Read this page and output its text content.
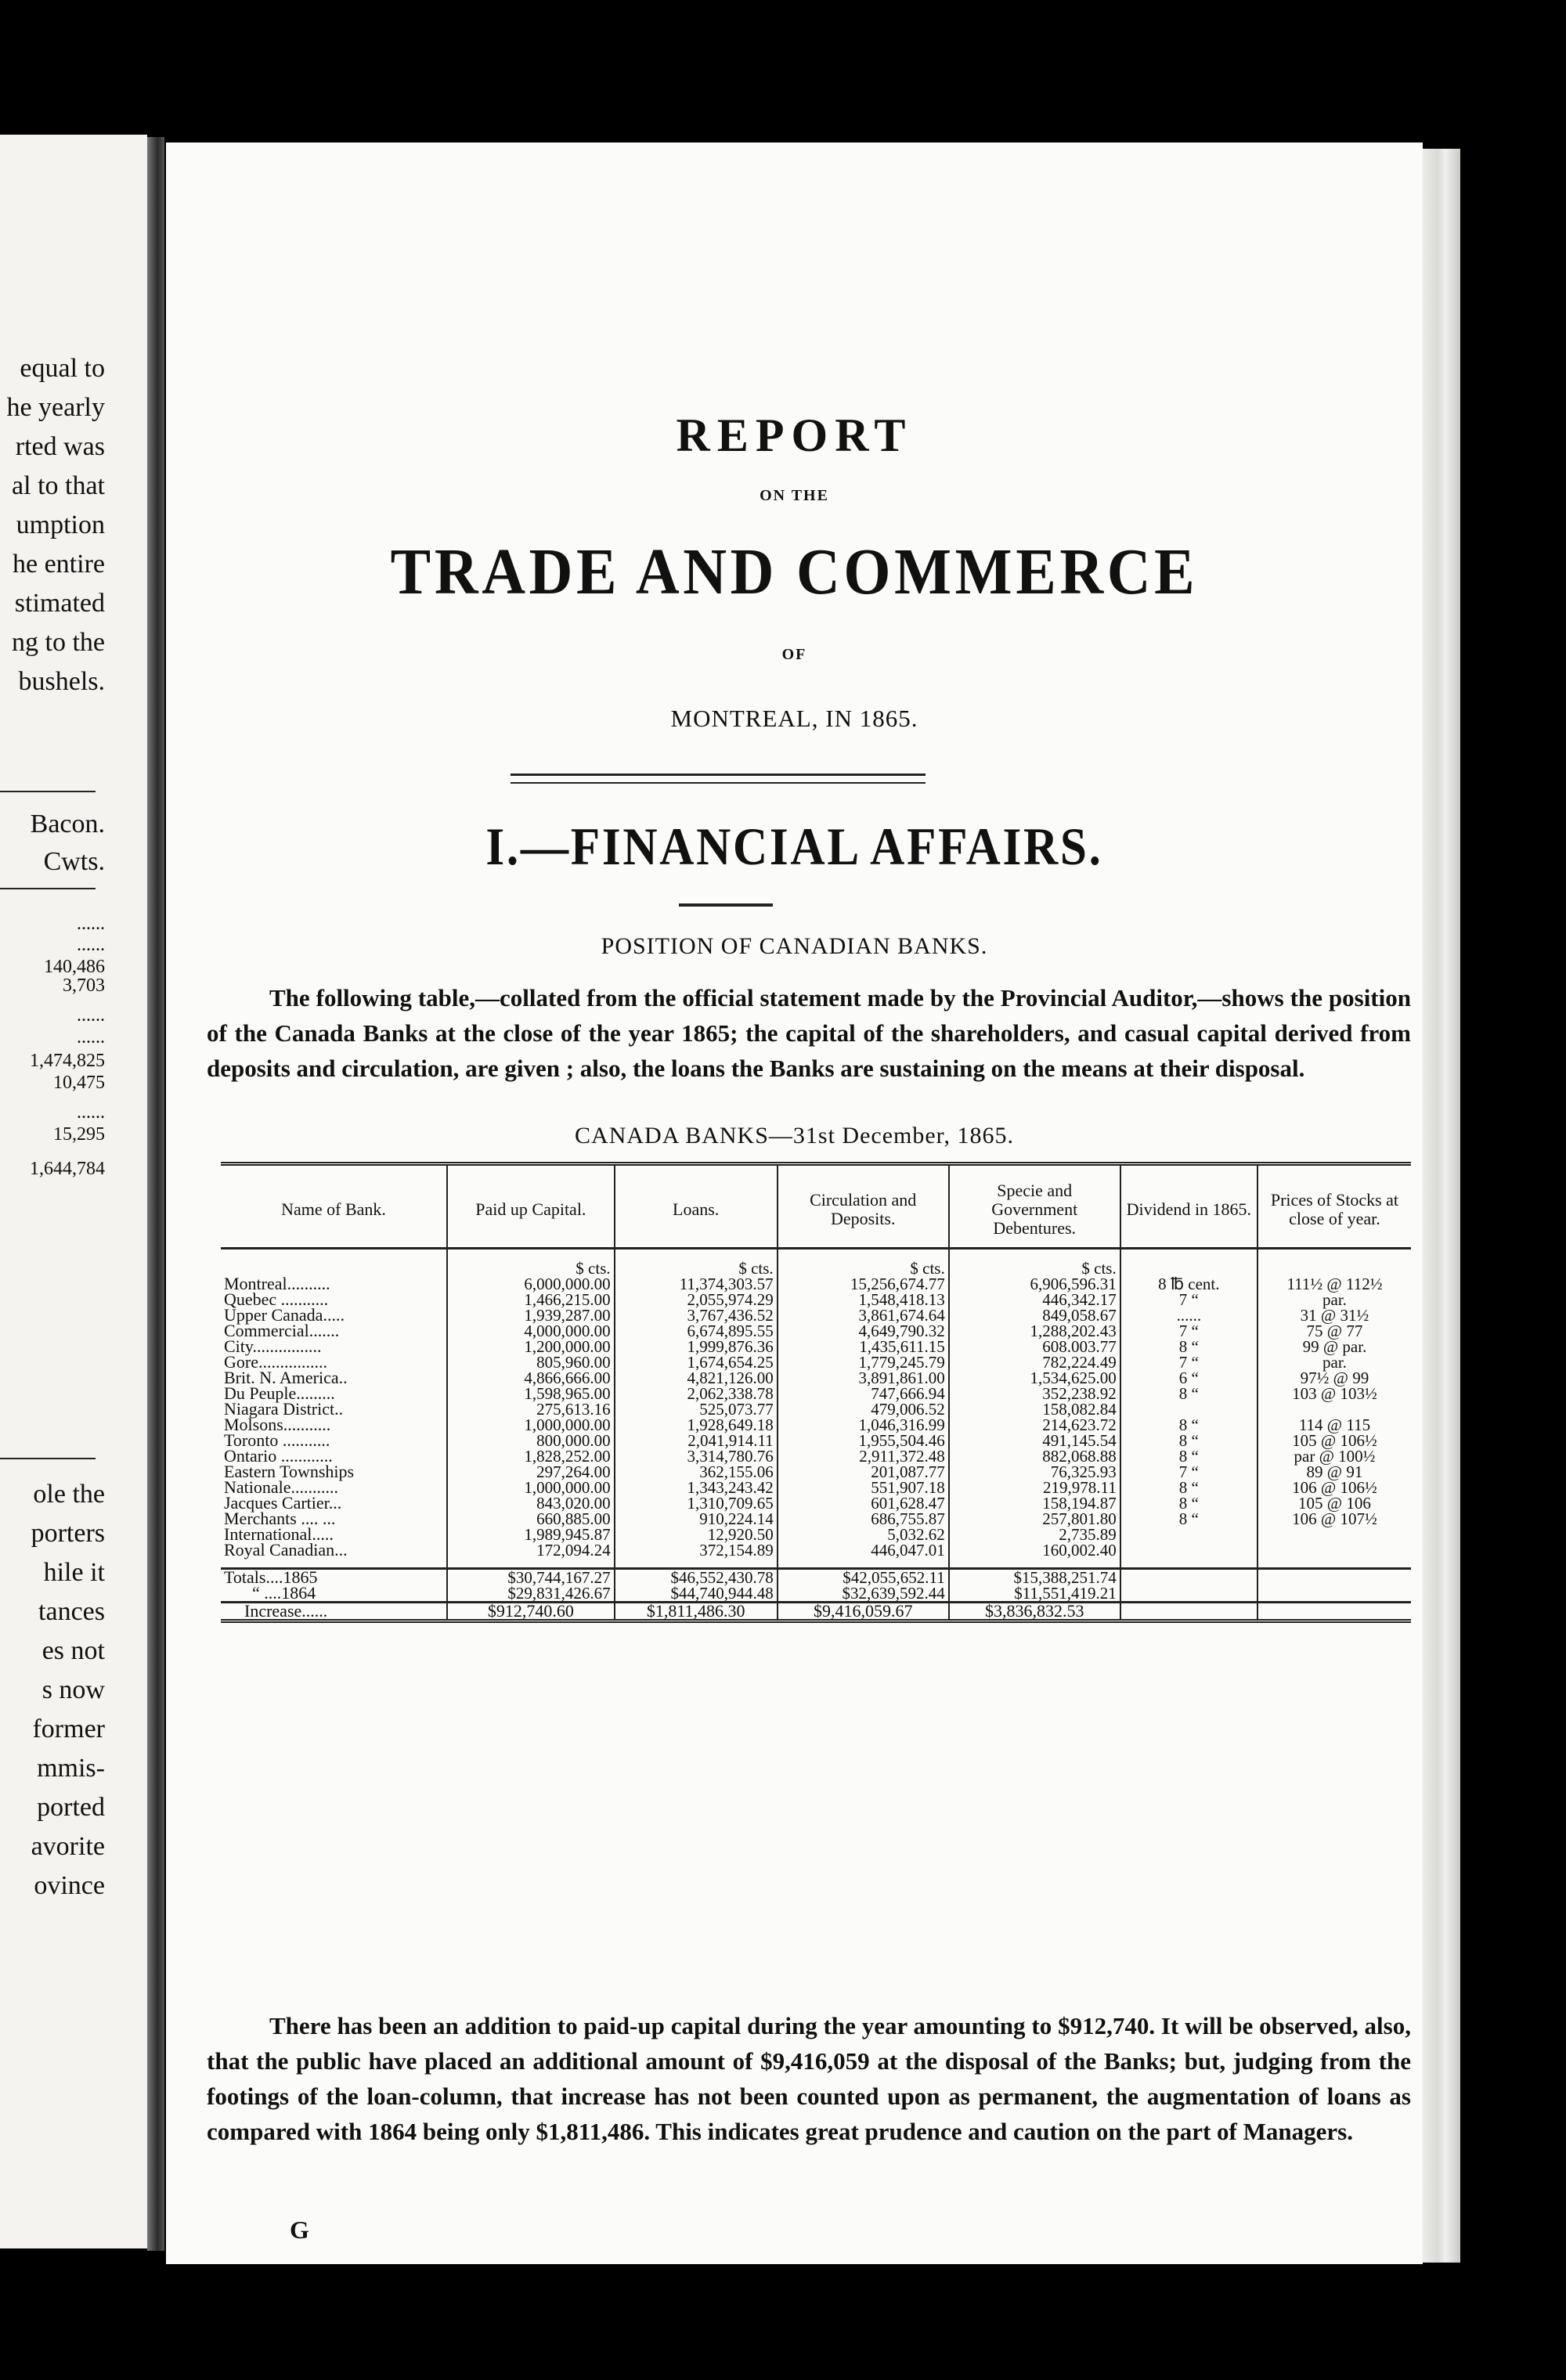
equal to
he yearly
rted was
al to that
umption
he entire
stimated
ng to the
bushels.
Bacon.
Cwts.
......
......
140,486
3,703
......
......
1,474,825
10,475
......
15,295
1,644,784
ole the
porters
hile it
tances
es not
s now
former
mmis-
ported
avorite
ovince
REPORT
ON THE
TRADE AND COMMERCE
OF
MONTREAL, IN 1865.
I.—FINANCIAL AFFAIRS.
POSITION OF CANADIAN BANKS.
The following table,—collated from the official statement made by the Provincial Auditor,—shows the position of the Canada Banks at the close of the year 1865; the capital of the shareholders, and casual capital derived from deposits and circulation, are given ; also, the loans the Banks are sustaining on the means at their disposal.
CANADA BANKS—31st December, 1865.
Name of Bank.	Paid up Capital.	Loans.	Circulation and Deposits.	Specie and Government Debentures.	Dividend in 1865.	Prices of Stocks at close of year.
	$ cts.	$ cts.	$ cts.	$ cts.		
Montreal..........	6,000,000.00	11,374,303.57	15,256,674.77	6,906,596.31	8 ℔ cent.	111½ @ 112½
Quebec ...........	1,466,215.00	2,055,974.29	1,548,418.13	446,342.17	7 “	par.
Upper Canada.....	1,939,287.00	3,767,436.52	3,861,674.64	849,058.67	......	31 @ 31½
Commercial.......	4,000,000.00	6,674,895.55	4,649,790.32	1,288,202.43	7 “	75 @ 77
City................	1,200,000.00	1,999,876.36	1,435,611.15	608.003.77	8 “	99 @ par.
Gore................	805,960.00	1,674,654.25	1,779,245.79	782,224.49	7 “	par.
Brit. N. America..	4,866,666.00	4,821,126.00	3,891,861.00	1,534,625.00	6 “	97½ @ 99
Du Peuple.........	1,598,965.00	2,062,338.78	747,666.94	352,238.92	8 “	103 @ 103½
Niagara District..	275,613.16	525,073.77	479,006.52	158,082.84		
Molsons...........	1,000,000.00	1,928,649.18	1,046,316.99	214,623.72	8 “	114 @ 115
Toronto ...........	800,000.00	2,041,914.11	1,955,504.46	491,145.54	8 “	105 @ 106½
Ontario ............	1,828,252.00	3,314,780.76	2,911,372.48	882,068.88	8 “	par @ 100½
Eastern Townships	297,264.00	362,155.06	201,087.77	76,325.93	7 “	89 @ 91
Nationale...........	1,000,000.00	1,343,243.42	551,907.18	219,978.11	8 “	106 @ 106½
Jacques Cartier...	843,020.00	1,310,709.65	601,628.47	158,194.87	8 “	105 @ 106
Merchants .... ...	660,885.00	910,224.14	686,755.87	257,801.80	8 “	106 @ 107½
International.....	1,989,945.87	12,920.50	5,032.62	2,735.89		
Royal Canadian...	172,094.24	372,154.89	446,047.01	160,002.40		
Totals....1865	$30,744,167.27	$46,552,430.78	$42,055,652.11	$15,388,251.74		
“ ....1864	$29,831,426.67	$44,740,944.48	$32,639,592.44	$11,551,419.21		
Increase......	$912,740.60	$1,811,486.30	$9,416,059.67	$3,836,832.53		
There has been an addition to paid-up capital during the year amounting to $912,740. It will be observed, also, that the public have placed an additional amount of $9,416,059 at the disposal of the Banks; but, judging from the footings of the loan-column, that increase has not been counted upon as permanent, the augmentation of loans as compared with 1864 being only $1,811,486. This indicates great prudence and caution on the part of Managers.
G
